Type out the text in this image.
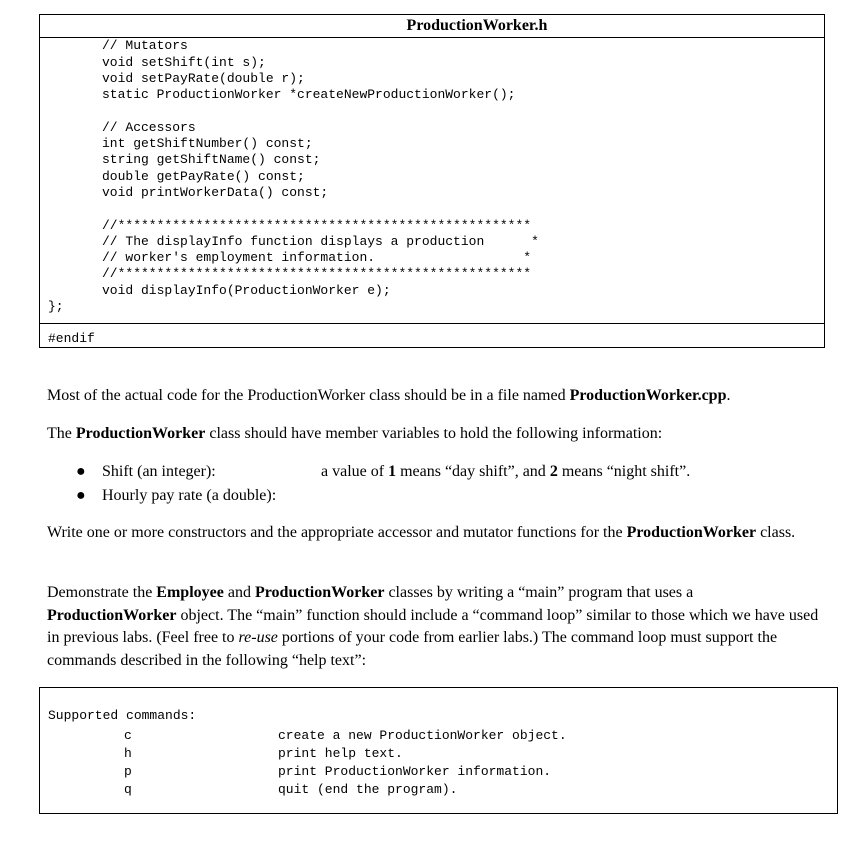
ProductionWorker.h
// Mutators
void setShift(int s);
void setPayRate(double r);
static ProductionWorker *createNewProductionWorker();
// Accessors
int getShiftNumber() const;
string getShiftName() const;
double getPayRate() const;
void printWorkerData() const;
//*****************************************************
// The displayInfo function displays a production      *
// worker's employment information.                   *
//*****************************************************
void displayInfo(ProductionWorker e);
};
#endif
Most of the actual code for the ProductionWorker class should be in a file named ProductionWorker.cpp.
The ProductionWorker class should have member variables to hold the following information:
● Shift (an integer):	a value of 1 means “day shift”, and 2 means “night shift”.
● Hourly pay rate (a double):
Write one or more constructors and the appropriate accessor and mutator functions for the ProductionWorker class.
Demonstrate the Employee and ProductionWorker classes by writing a “main” program that uses a ProductionWorker object. The “main” function should include a “command loop” similar to those which we have used in previous labs. (Feel free to re-use portions of your code from earlier labs.) The command loop must support the commands described in the following “help text”:
Supported commands:
c	create a new ProductionWorker object.
h	print help text.
p	print ProductionWorker information.
q	quit (end the program).
